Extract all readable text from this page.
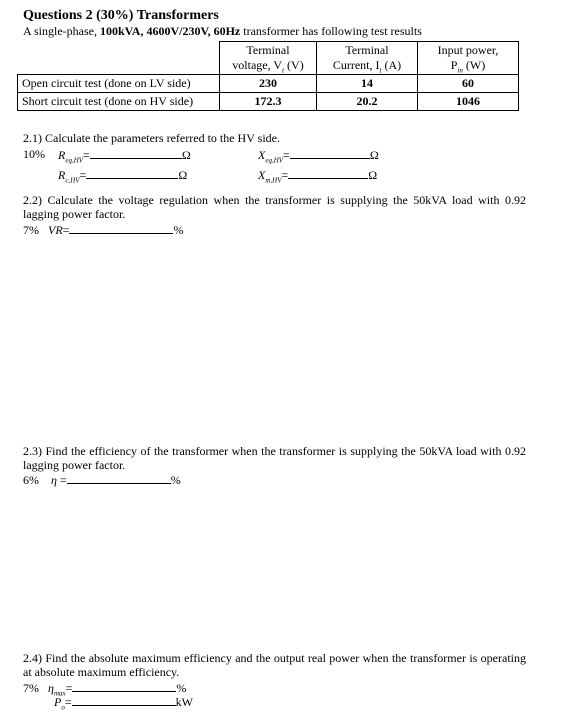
Questions 2 (30%) Transformers
A single-phase, 100kVA, 4600V/230V, 60Hz transformer has following test results
	Terminal	Terminal	Input power,
	voltage, $V_t$ (V)	Current, $I_t$ (A)	$P_{in}$ (W)
Open circuit test (done on LV side)	230	14	60
Short circuit test (done on HV side)	172.3	20.2	1046
2.1) Calculate the parameters referred to the HV side.
10% $R_{eq,HV}=$	Ω	$X_{eq,HV}=$	Ω
$R_{c,HV}=$	Ω	$X_{m,HV}=$	Ω
2.2) Calculate the voltage regulation when the transformer is supplying the 50kVA load with 0.92 lagging power factor.
7% VR=	%
2.3) Find the efficiency of the transformer when the transformer is supplying the 50kVA load with 0.92 lagging power factor.
6% η =	%
2.4) Find the absolute maximum efficiency and the output real power when the transformer is operating at absolute maximum efficiency.
7% $\eta_{max}=$	%
$P_o=$	kW
